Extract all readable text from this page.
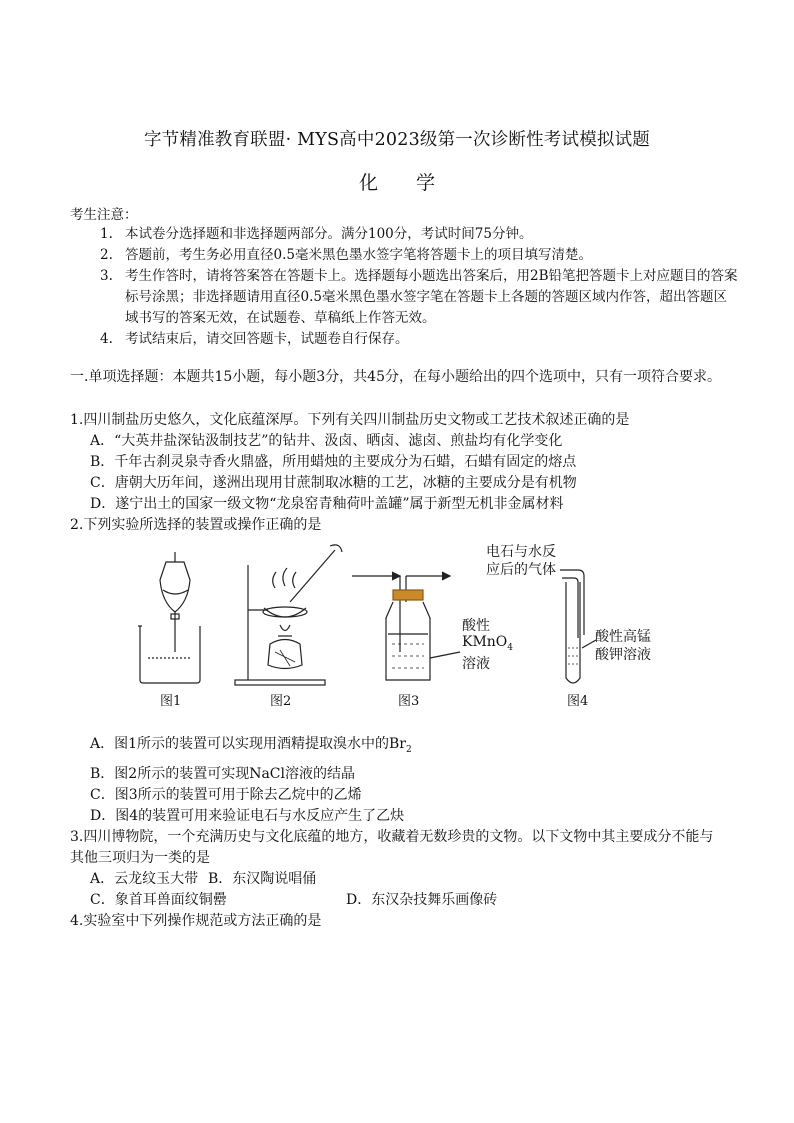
字节精准教育联盟· MYS高中2023级第一次诊断性考试模拟试题
化 学
考生注意：
1. 本试卷分选择题和非选择题两部分。满分100分，考试时间75分钟。
2. 答题前，考生务必用直径0.5毫米黑色墨水签字笔将答题卡上的项目填写清楚。
3. 考生作答时，请将答案答在答题卡上。选择题每小题选出答案后，用2B铅笔把答题卡上对应题目的答案标号涂黑；非选择题请用直径0.5毫米黑色墨水签字笔在答题卡上各题的答题区域内作答，超出答题区域书写的答案无效，在试题卷、草稿纸上作答无效。
4. 考试结束后，请交回答题卡，试题卷自行保存。
一.单项选择题：本题共15小题，每小题3分，共45分，在每小题给出的四个选项中，只有一项符合要求。
1.四川制盐历史悠久，文化底蕴深厚。下列有关四川制盐历史文物或工艺技术叙述正确的是
A．“大英井盐深钻汲制技艺”的钻井、汲卤、晒卤、滤卤、煎盐均有化学变化
B．千年古刹灵泉寺香火鼎盛，所用蜡烛的主要成分为石蜡，石蜡有固定的熔点
C．唐朝大历年间，遂洲出现用甘蔗制取冰糖的工艺，冰糖的主要成分是有机物
D．遂宁出土的国家一级文物“龙泉窑青釉荷叶盖罐”属于新型无机非金属材料
2.下列实验所选择的装置或操作正确的是
酸性
KMnO$_4$
溶液
电石与水反
应后的气体
酸性高锰
酸钾溶液
图1	图2	图3	图4
A．图1所示的装置可以实现用酒精提取溴水中的$Br_2$
B．图2所示的装置可实现NaCl溶液的结晶
C．图3所示的装置可用于除去乙烷中的乙烯
D．图4的装置可用来验证电石与水反应产生了乙炔
3.四川博物院，一个充满历史与文化底蕴的地方，收藏着无数珍贵的文物。以下文物中其主要成分不能与
其他三项归为一类的是
A．云龙纹玉大带 B．东汉陶说唱俑
C．象首耳兽面纹铜罍	D．东汉杂技舞乐画像砖
4.实验室中下列操作规范或方法正确的是
